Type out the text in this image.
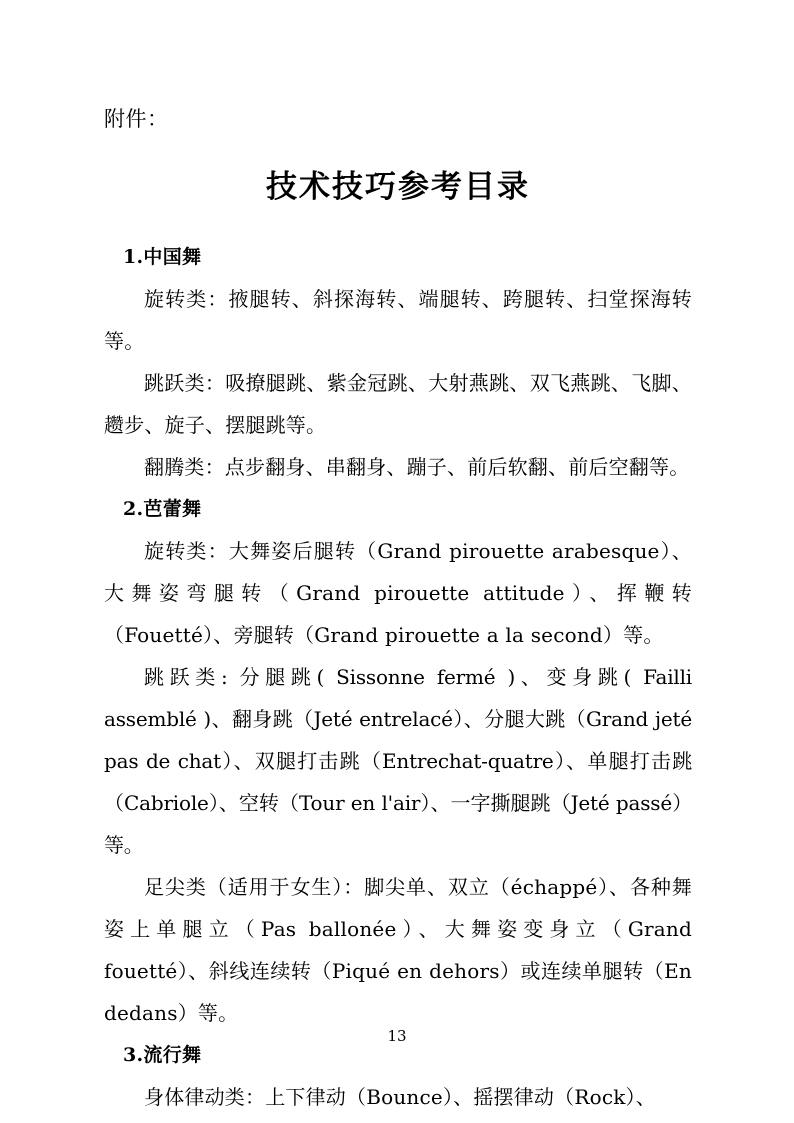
附件：

技术技巧参考目录
1.中国舞

旋转类：掖腿转、斜探海转、端腿转、跨腿转、扫堂探海转等。

跳跃类：吸撩腿跳、紫金冠跳、大射燕跳、双飞燕跳、飞脚、趱步、旋子、摆腿跳等。

翻腾类：点步翻身、串翻身、蹦子、前后软翻、前后空翻等。

2.芭蕾舞

旋转类：大舞姿后腿转（Grand pirouette arabesque）、大舞姿弯腿转（Grand pirouette attitude）、挥鞭转（Fouetté）、旁腿转（Grand pirouette a la second）等。

跳跃类: 分腿跳( Sissonne fermé )、变身跳( Failli assemblé )、翻身跳（Jeté entrelacé）、分腿大跳（Grand jeté pas de chat）、双腿打击跳（Entrechat-quatre）、单腿打击跳（Cabriole）、空转（Tour en l'air）、一字撕腿跳（Jeté passé）等。

足尖类（适用于女生）：脚尖单、双立（échappé）、各种舞姿上单腿立（Pas ballonée）、大舞姿变身立（Grand fouetté）、斜线连续转（Piqué en dehors）或连续单腿转（En dedans）等。

3.流行舞

身体律动类：上下律动（Bounce）、摇摆律动（Rock）、

13
